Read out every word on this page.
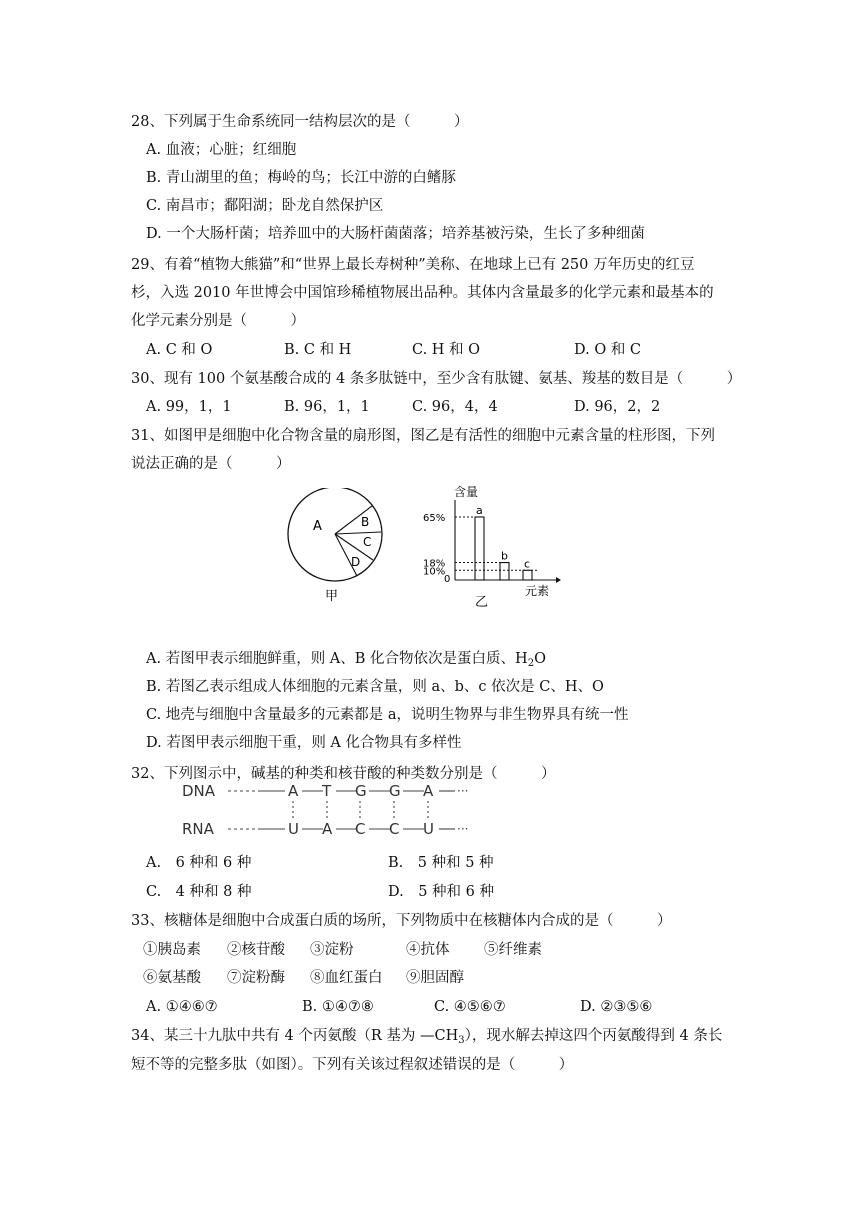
28、下列属于生命系统同一结构层次的是（　　　）
A. 血液；心脏；红细胞
B. 青山湖里的鱼；梅岭的鸟；长江中游的白鳍豚
C. 南昌市；鄱阳湖；卧龙自然保护区
D. 一个大肠杆菌；培养皿中的大肠杆菌菌落；培养基被污染，生长了多种细菌
29、有着“植物大熊猫”和“世界上最长寿树种”美称、在地球上已有 250 万年历史的红豆
杉，入选 2010 年世博会中国馆珍稀植物展出品种。其体内含量最多的化学元素和最基本的
化学元素分别是（　　　）
A. C 和 O	B. C 和 H	C. H 和 O	D. O 和 C
30、现有 100 个氨基酸合成的 4 条多肽链中，至少含有肽键、氨基、羧基的数目是（　　　）
A. 99，1，1	B. 96，1，1	C. 96，4，4	D. 96，2，2
31、如图甲是细胞中化合物含量的扇形图，图乙是有活性的细胞中元素含量的柱形图，下列
说法正确的是（　　　）
A	B
C
D
甲
含量
65%
18%
10%
0
a
b
c
元素
乙
A. 若图甲表示细胞鲜重，则 A、B 化合物依次是蛋白质、$H_2O$
B. 若图乙表示组成人体细胞的元素含量，则 a、b、c 依次是 C、H、O
C. 地壳与细胞中含量最多的元素都是 a，说明生物界与非生物界具有统一性
D. 若图甲表示细胞干重，则 A 化合物具有多样性
32、下列图示中，碱基的种类和核苷酸的种类数分别是（　　　）
DNA
RNA
···
···
A T G G A
U A C C U
A.　6 种和 6 种	B.　5 种和 5 种
C.　4 种和 8 种	D.　5 种和 6 种
33、核糖体是细胞中合成蛋白质的场所，下列物质中在核糖体内合成的是（　　　）
①胰岛素 ②核苷酸 ③淀粉	④抗体 ⑤纤维素
⑥氨基酸 ⑦淀粉酶 ⑧血红蛋白 ⑨胆固醇
A. ①④⑥⑦	B. ①④⑦⑧	C. ④⑤⑥⑦	D. ②③⑤⑥
34、某三十九肽中共有 4 个丙氨酸（R 基为 $—CH_3$），现水解去掉这四个丙氨酸得到 4 条长
短不等的完整多肽（如图）。下列有关该过程叙述错误的是（　　　）
